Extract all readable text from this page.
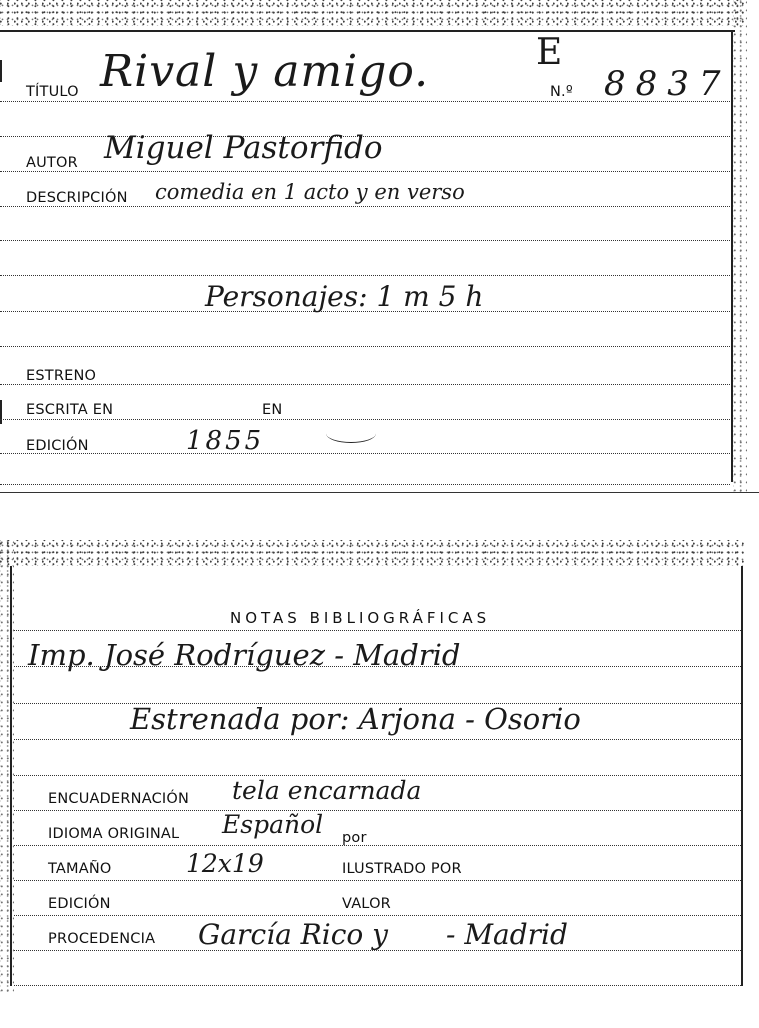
TÍTULO Rival y amigo.	E
N.º 8837
AUTOR Miguel Pastorfido
DESCRIPCIÓN comedia en 1 acto y en verso
Personajes: 1 m 5 h
ESTRENO
ESCRITA EN	EN
EDICIÓN	1855
NOTAS BIBLIOGRÁFICAS
Imp. José Rodríguez - Madrid
Estrenada por: Arjona - Osorio
ENCUADERNACIÓN tela encarnada
IDIOMA ORIGINAL Español por
TAMAÑO	12x19	ILUSTRADO POR
EDICIÓN	VALOR
PROCEDENCIA García Rico y - Madrid
